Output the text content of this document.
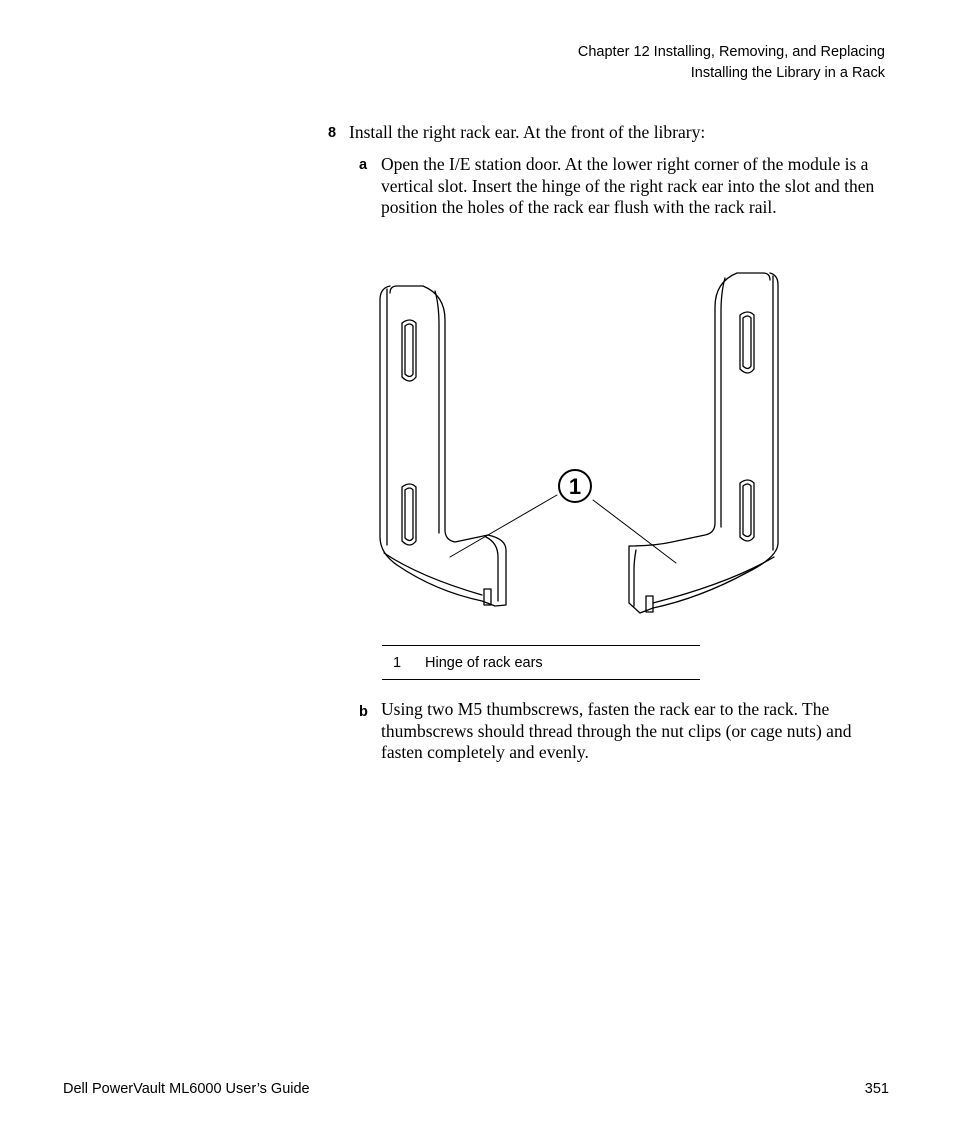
Chapter 12 Installing, Removing, and Replacing
Installing the Library in a Rack
8 Install the right rack ear. At the front of the library:
a Open the I/E station door. At the lower right corner of the module is a vertical slot. Insert the hinge of the right rack ear into the slot and then position the holes of the rack ear flush with the rack rail.
1
1	Hinge of rack ears
b Using two M5 thumbscrews, fasten the rack ear to the rack. The thumbscrews should thread through the nut clips (or cage nuts) and fasten completely and evenly.
Dell PowerVault ML6000 User’s Guide	351
